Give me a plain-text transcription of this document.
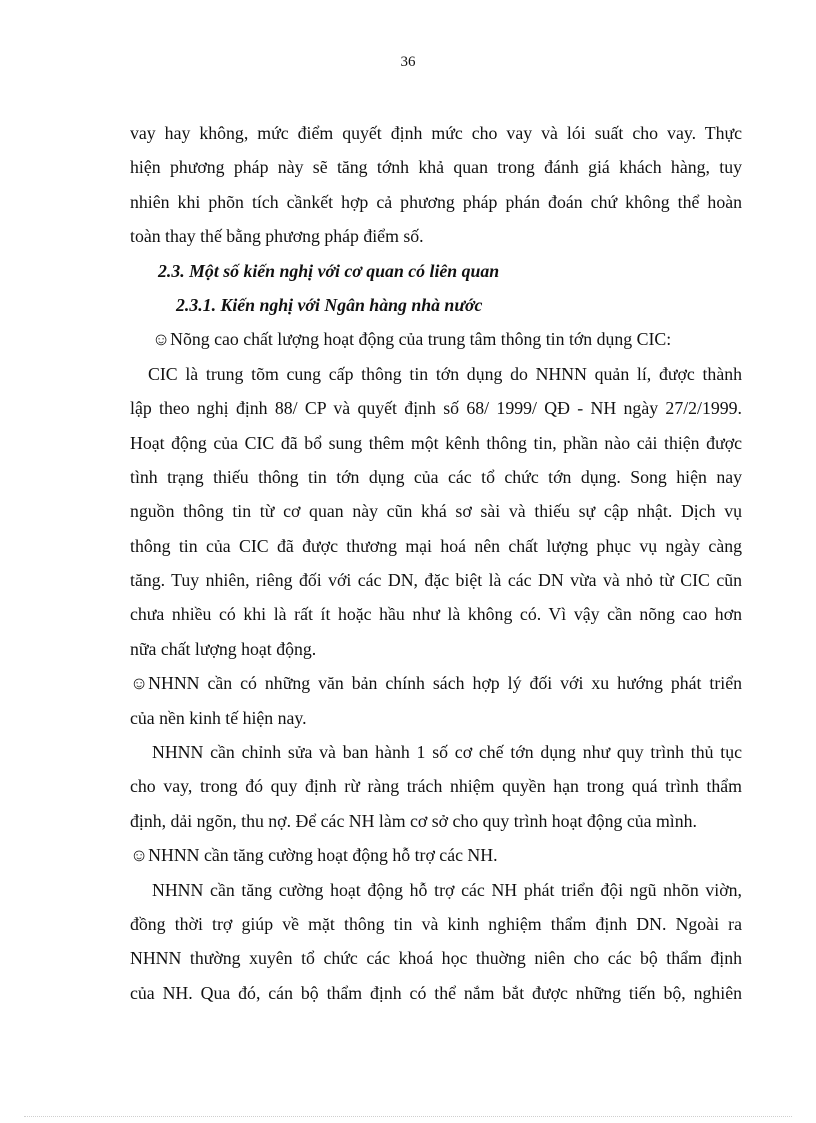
36
vay hay không, mức điểm quyết định mức cho vay và lói suất cho vay. Thực
hiện phương pháp này sẽ tăng tớnh khả quan trong đánh giá khách hàng, tuy
nhiên khi phõn tích cầnkết hợp cả phương pháp phán đoán chứ không thể hoàn
toàn thay thế bằng phương pháp điểm số.
2.3. Một số kiến nghị với cơ quan có liên quan
2.3.1. Kiến nghị với Ngân hàng nhà nước
☺Nõng cao chất lượng hoạt động của trung tâm thông tin tớn dụng CIC:
CIC là trung tõm cung cấp thông tin tớn dụng do NHNN quản lí, được thành
lập theo nghị định 88/ CP và quyết định số 68/ 1999/ QĐ - NH ngày 27/2/1999.
Hoạt động của CIC đã bổ sung thêm một kênh thông tin, phần nào cải thiện được
tình trạng thiếu thông tin tớn dụng của các tổ chức tớn dụng. Song hiện nay
nguồn thông tin từ cơ quan này cũn khá sơ sài và thiếu sự cập nhật. Dịch vụ
thông tin của CIC đã được thương mại hoá nên chất lượng phục vụ ngày càng
tăng. Tuy nhiên, riêng đối với các DN, đặc biệt là các DN vừa và nhỏ từ CIC cũn
chưa nhiều có khi là rất ít hoặc hầu như là không có. Vì vậy cần nõng cao hơn
nữa chất lượng hoạt động.
☺NHNN cần có những văn bản chính sách hợp lý đối với xu hướng phát triển
của nền kinh tế hiện nay.
NHNN cần chỉnh sửa và ban hành 1 số cơ chế tớn dụng như quy trình thủ tục
cho vay, trong đó quy định rừ ràng trách nhiệm quyền hạn trong quá trình thẩm
định, dải ngõn, thu nợ. Để các NH làm cơ sở cho quy trình hoạt động của mình.
☺NHNN cần tăng cường hoạt động hỗ trợ các NH.
NHNN cần tăng cường hoạt động hỗ trợ các NH phát triển đội ngũ nhõn viờn,
đồng thời trợ giúp về mặt thông tin và kinh nghiệm thẩm định DN. Ngoài ra
NHNN thường xuyên tổ chức các khoá học thuờng niên cho các bộ thẩm định
của NH. Qua đó, cán bộ thẩm định có thể nắm bắt được những tiến bộ, nghiên
